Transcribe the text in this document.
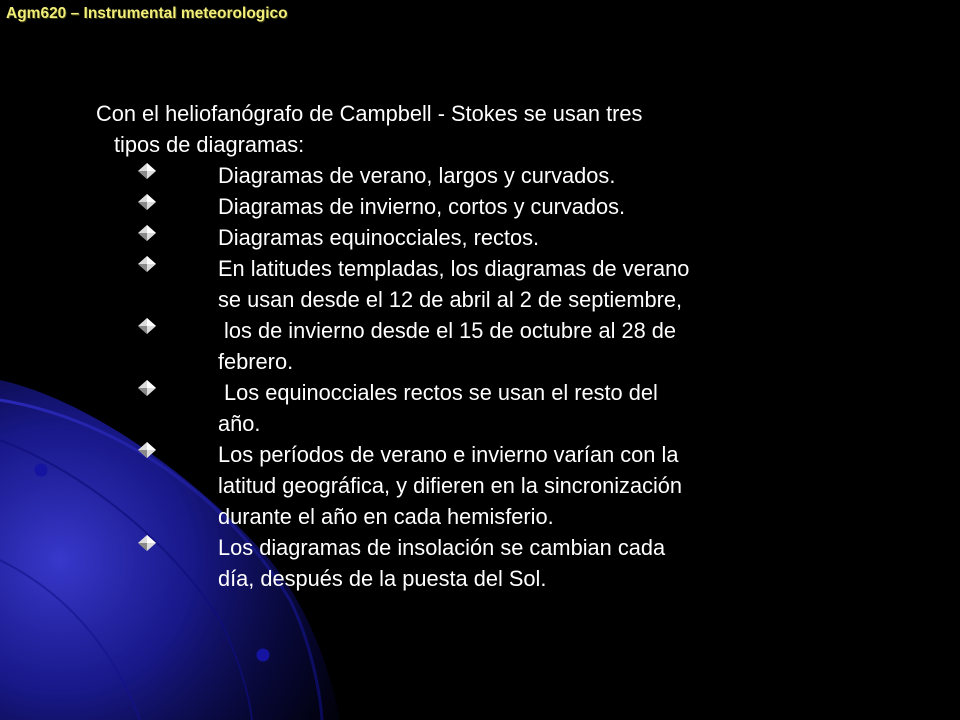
Agm620 – Instrumental meteorologico
Con el heliofanógrafo de Campbell - Stokes se usan tres
tipos de diagramas:
Diagramas de verano, largos y curvados.
Diagramas de invierno, cortos y curvados.
Diagramas equinocciales, rectos.
En latitudes templadas, los diagramas de verano
se usan desde el 12 de abril al 2 de septiembre,
los de invierno desde el 15 de octubre al 28 de
febrero.
Los equinocciales rectos se usan el resto del
año.
Los períodos de verano e invierno varían con la
latitud geográfica, y difieren en la sincronización
durante el año en cada hemisferio.
Los diagramas de insolación se cambian cada
día, después de la puesta del Sol.
